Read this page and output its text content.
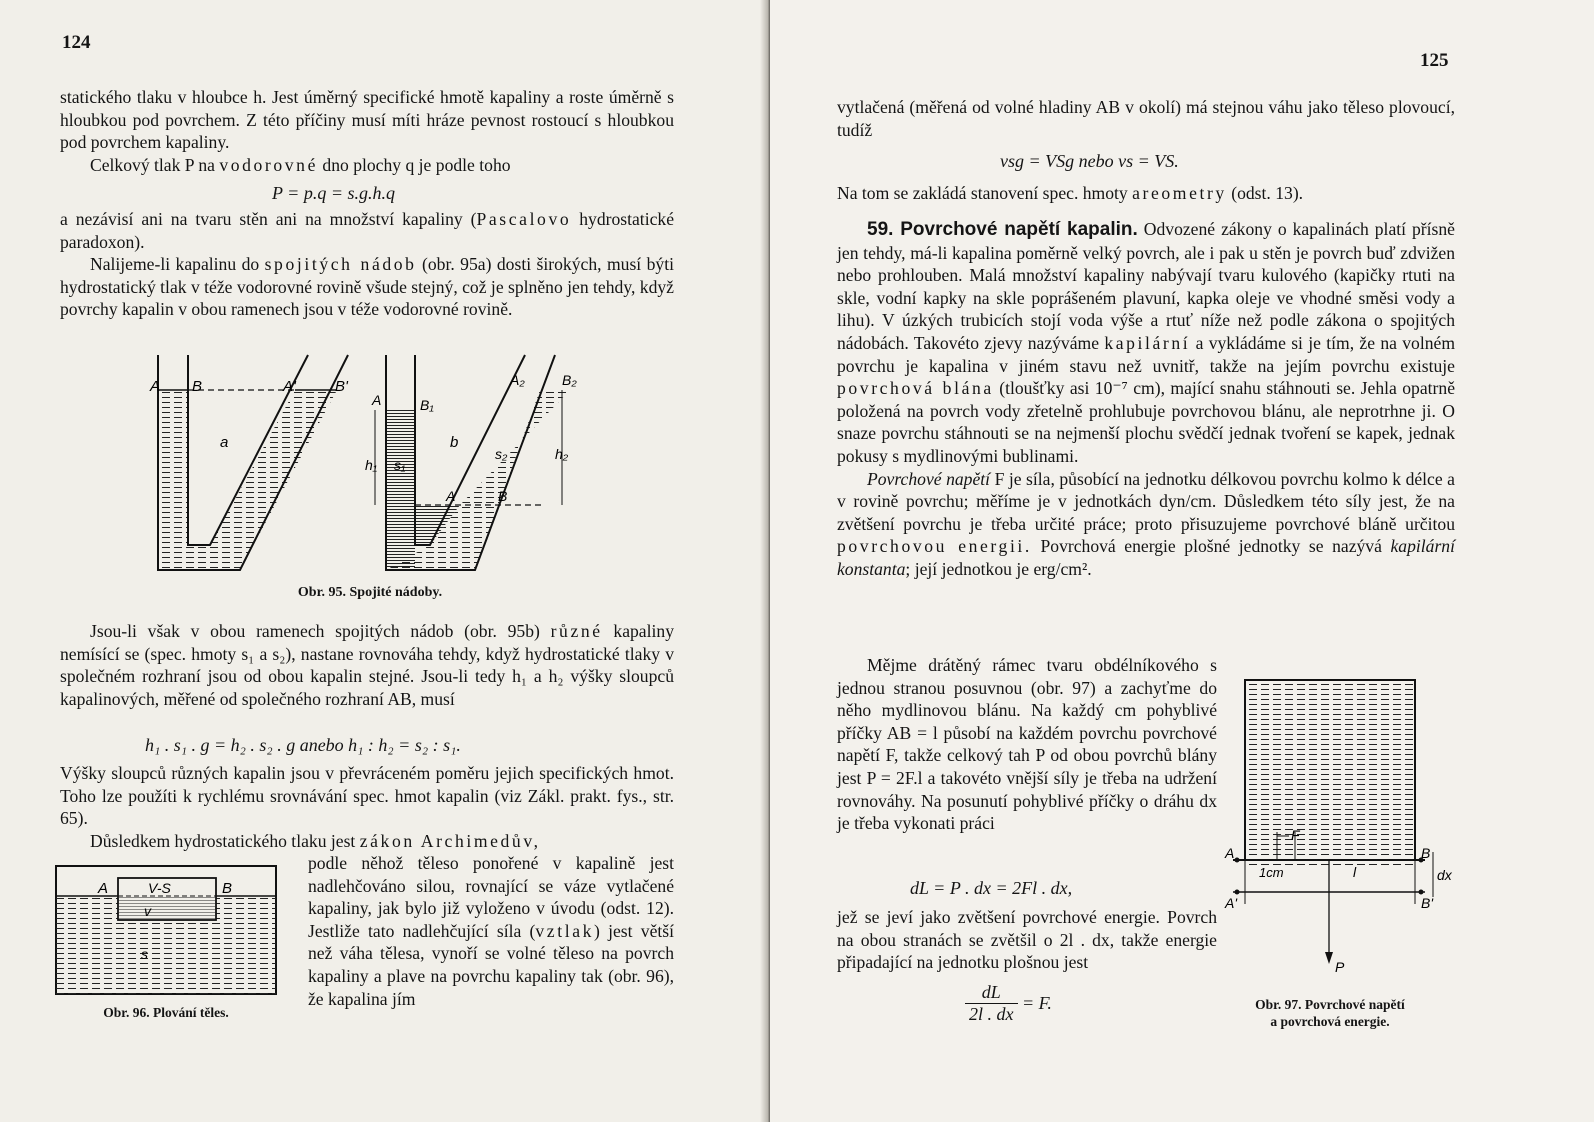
124

statického tlaku v hloubce h. Jest úměrný specifické hmotě kapaliny a roste úměrně s hloubkou pod povrchem. Z této příčiny musí míti hráze pevnost rostoucí s hloubkou pod povrchem kapaliny.

Celkový tlak P na vodorovné dno plochy q je podle toho

P = p.q = s.g.h.q

a nezávisí ani na tvaru stěn ani na množství kapaliny (Pascalovo hydrostatické paradoxon).

Nalijeme-li kapalinu do spojitých nádob (obr. 95a) dosti širokých, musí býti hydrostatický tlak v téže vodorovné rovině všude stejný, což je splněno jen tehdy, když povrchy kapalin v obou ramenech jsou v téže vodorovné rovině.

A B	A'	B'
a	b
A	B₁
A₂	B₂
h₁
h₂
s₁
s₂
A	B
Obr. 95. Spojité nádoby.

Jsou-li však v obou ramenech spojitých nádob (obr. 95b) různé kapaliny nemísící se (spec. hmoty s₁ a s₂), nastane rovnováha tehdy, když hydrostatické tlaky v společném rozhraní jsou od obou kapalin stejné. Jsou-li tedy h₁ a h₂ výšky sloupců kapalinových, měřené od společného rozhraní AB, musí

h₁ . s₁ . g = h₂ . s₂ . g anebo h₁ : h₂ = s₂ : s₁.

Výšky sloupců různých kapalin jsou v převráceném poměru jejich specifických hmot. Toho lze použíti k rychlému srovnávání spec. hmot kapalin (viz Zákl. prakt. fys., str. 65).

Důsledkem hydrostatického tlaku jest zákon Archimedův,

podle něhož těleso ponořené v kapalině jest nadlehčováno silou, rovnající se váze vytlačené kapaliny, jak bylo již vyloženo v úvodu (odst. 12). Jestliže tato nadlehčující síla (vztlak) jest větší než váha tělesa, vynoří se volné těleso na povrch kapaliny a plave na povrchu kapaliny tak (obr. 96), že kapalina jím

A	B
V-S
v
s
Obr. 96. Plování těles.
125
vytlačená (měřená od volné hladiny AB v okolí) má stejnou váhu jako těleso plovoucí, tudíž
vsg = VSg nebo vs = VS.

Na tom se zakládá stanovení spec. hmoty areometry (odst. 13).

59. Povrchové napětí kapalin. Odvozené zákony o kapalinách platí přísně jen tehdy, má-li kapalina poměrně velký povrch, ale i pak u stěn je povrch buď zdvižen nebo prohlouben. Malá množství kapaliny nabývají tvaru kulového (kapičky rtuti na skle, vodní kapky na skle poprášeném plavuní, kapka oleje ve vhodné směsi vody a lihu). V úzkých trubicích stojí voda výše a rtuť níže než podle zákona o spojitých nádobách. Takovéto zjevy nazýváme kapilární a vykládáme si je tím, že na volném povrchu je kapalina v jiném stavu než uvnitř, takže na jejím povrchu existuje povrchová blána (tloušťky asi 10⁻⁷ cm), mající snahu stáhnouti se. Jehla opatrně položená na povrch vody zřetelně prohlubuje povrchovou blánu, ale neprotrhne ji. O snaze povrchu stáhnouti se na nejmenší plochu svědčí jednak tvoření se kapek, jednak pokusy s mydlinovými bublinami.

Povrchové napětí F je síla, působící na jednotku délkovou povrchu kolmo k délce a v rovině povrchu; měříme je v jednotkách dyn/cm. Důsledkem této síly jest, že na zvětšení povrchu je třeba určité práce; proto přisuzujeme povrchové bláně určitou povrchovou energii. Povrchová energie plošné jednotky se nazývá kapilární konstanta; její jednotkou je erg/cm².

Mějme drátěný rámec tvaru obdélníkového s jednou stranou posuvnou (obr. 97) a zachyťme do něho mydlinovou blánu. Na každý cm pohyblivé příčky AB = l působí na každém povrchu povrchové napětí F, takže celkový tah P od obou povrchů blány jest P = 2F.l a takovéto vnější síly je třeba na udržení rovnováhy. Na posunutí pohyblivé příčky o dráhu dx je třeba vykonati práci

dL = P . dx = 2Fl . dx,
jež se jeví jako zvětšení povrchové energie. Povrch na obou stranách se zvětšil o 2l . dx, takže energie připadající na jednotku plošnou jest
$\frac{dL}{2l . dx} = F$.
A	B
A'	B'
F
1cm	l	dx
P
Obr. 97. Povrchové napětí
a povrchová energie.
